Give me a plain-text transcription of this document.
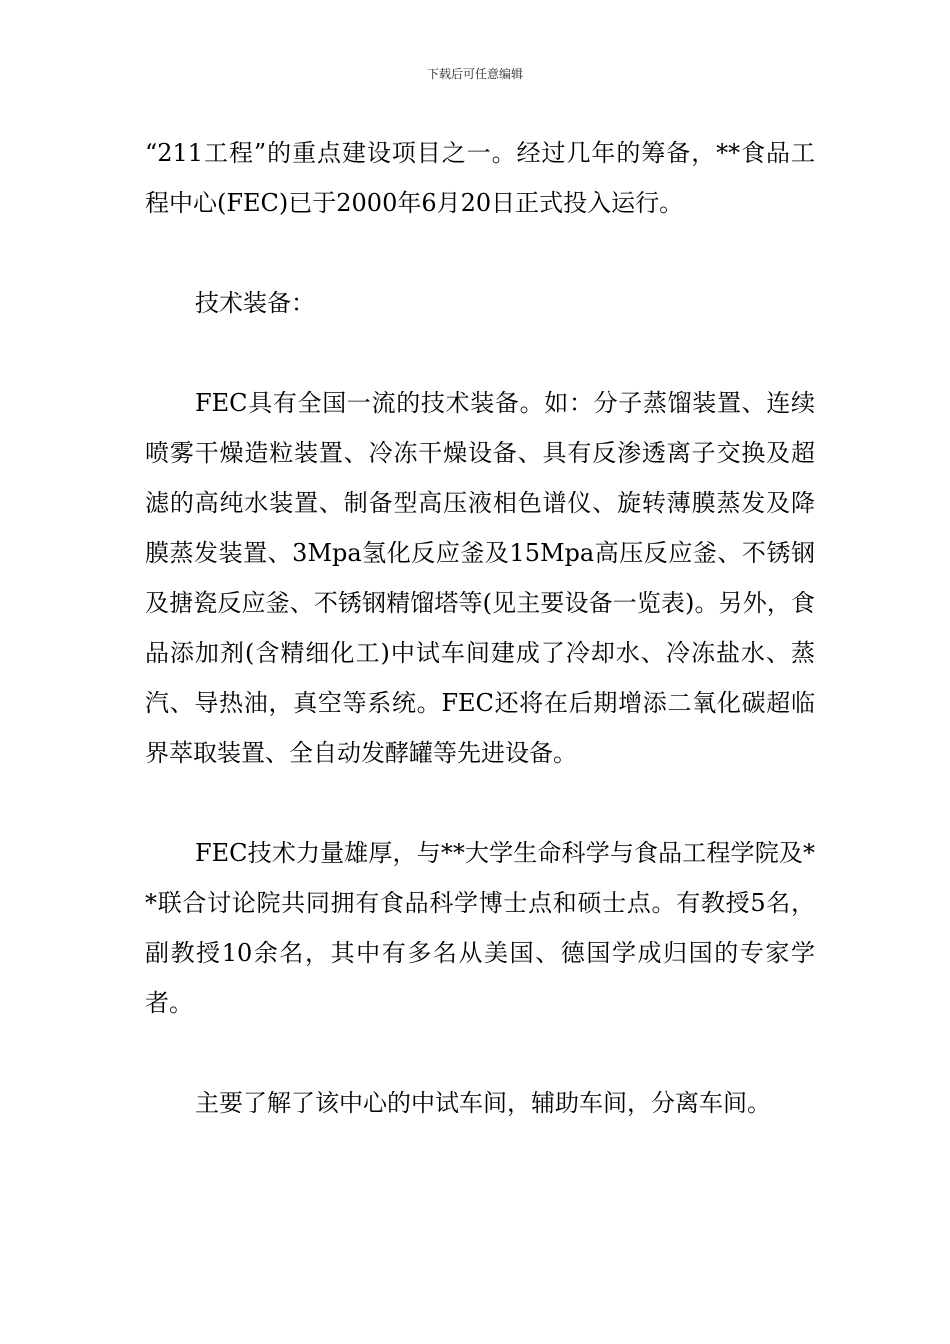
下载后可任意编辑

“211工程”的重点建设项目之一。经过几年的筹备，**食品工程中心(FEC)已于2000年6月20日正式投入运行。

技术装备：

FEC具有全国一流的技术装备。如：分子蒸馏装置、连续喷雾干燥造粒装置、冷冻干燥设备、具有反渗透离子交换及超滤的高纯水装置、制备型高压液相色谱仪、旋转薄膜蒸发及降膜蒸发装置、3Mpa氢化反应釜及15Mpa高压反应釜、不锈钢及搪瓷反应釜、不锈钢精馏塔等(见主要设备一览表)。另外，食品添加剂(含精细化工)中试车间建成了冷却水、冷冻盐水、蒸汽、导热油，真空等系统。FEC还将在后期增添二氧化碳超临界萃取装置、全自动发酵罐等先进设备。

FEC技术力量雄厚，与**大学生命科学与食品工程学院及**联合讨论院共同拥有食品科学博士点和硕士点。有教授5名，副教授10余名，其中有多名从美国、德国学成归国的专家学者。

主要了解了该中心的中试车间，辅助车间，分离车间。
